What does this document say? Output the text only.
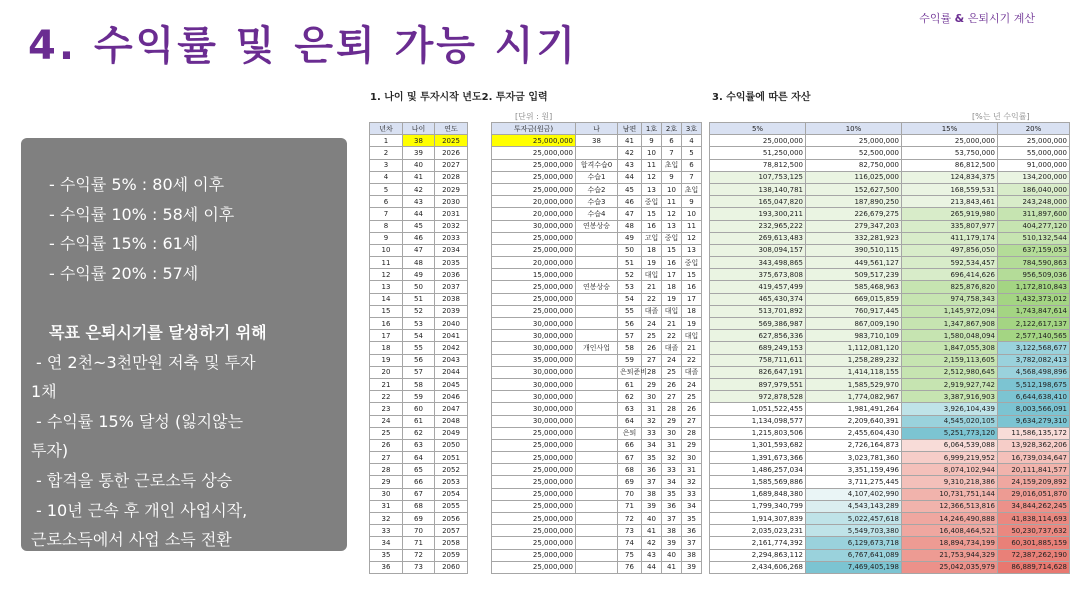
4. 수익률 및 은퇴 가능 시기
수익률 & 은퇴시기 계산
1. 나이 및 투자시작 년도2. 투자금 입력	3. 수익률에 따른 자산
[단위 : 원]	[%는 년 수익률]
- 수익률 5% : 80세 이후
- 수익률 10% : 58세 이후
- 수익률 15% : 61세
- 수익률 20% : 57세

목표 은퇴시기를 달성하기 위해
- 연 2천~3천만원 저축 및 투자
1채
- 수익률 15% 달성 (잃지않는
투자)
- 합격을 통한 근로소득 상승
- 10년 근속 후 개인 사업시작,
근로소득에서 사업 소득 전환
년차	나이	연도
1	38	2025
2	39	2026
3	40	2027
4	41	2028
5	42	2029
6	43	2030
7	44	2031
8	45	2032
9	46	2033
10	47	2034
11	48	2035
12	49	2036
13	50	2037
14	51	2038
15	52	2039
16	53	2040
17	54	2041
18	55	2042
19	56	2043
20	57	2044
21	58	2045
22	59	2046
23	60	2047
24	61	2048
25	62	2049
26	63	2050
27	64	2051
28	65	2052
29	66	2053
30	67	2054
31	68	2055
32	69	2056
33	70	2057
34	71	2058
35	72	2059
36	73	2060
투자금(원금)	나	남편	1호	2호	3호
25,000,000	38	41	9	6	4
25,000,000		42	10	7	5
25,000,000	합격수습0	43	11	초입	6
25,000,000	수습1	44	12	9	7
25,000,000	수습2	45	13	10	초입
20,000,000	수습3	46	중입	11	9
20,000,000	수습4	47	15	12	10
30,000,000	연봉상승	48	16	13	11
25,000,000		49	고입	중입	12
25,000,000		50	18	15	13
20,000,000		51	19	16	중입
15,000,000		52	대입	17	15
25,000,000	연봉상승	53	21	18	16
25,000,000		54	22	19	17
25,000,000		55	대졸	대입	18
30,000,000		56	24	21	19
30,000,000		57	25	22	대입
30,000,000	개인사업	58	26	대졸	21
35,000,000		59	27	24	22
30,000,000		은퇴준비	28	25	대졸
30,000,000		61	29	26	24
30,000,000		62	30	27	25
30,000,000		63	31	28	26
30,000,000		64	32	29	27
25,000,000		은퇴	33	30	28
25,000,000		66	34	31	29
25,000,000		67	35	32	30
25,000,000		68	36	33	31
25,000,000		69	37	34	32
25,000,000		70	38	35	33
25,000,000		71	39	36	34
25,000,000		72	40	37	35
25,000,000		73	41	38	36
25,000,000		74	42	39	37
25,000,000		75	43	40	38
25,000,000		76	44	41	39
5%	10%	15%	20%
25,000,000	25,000,000	25,000,000	25,000,000
51,250,000	52,500,000	53,750,000	55,000,000
78,812,500	82,750,000	86,812,500	91,000,000
107,753,125	116,025,000	124,834,375	134,200,000
138,140,781	152,627,500	168,559,531	186,040,000
165,047,820	187,890,250	213,843,461	243,248,000
193,300,211	226,679,275	265,919,980	311,897,600
232,965,222	279,347,203	335,807,977	404,277,120
269,613,483	332,281,923	411,179,174	510,132,544
308,094,157	390,510,115	497,856,050	637,159,053
343,498,865	449,561,127	592,534,457	784,590,863
375,673,808	509,517,239	696,414,626	956,509,036
419,457,499	585,468,963	825,876,820	1,172,810,843
465,430,374	669,015,859	974,758,343	1,432,373,012
513,701,892	760,917,445	1,145,972,094	1,743,847,614
569,386,987	867,009,190	1,347,867,908	2,122,617,137
627,856,336	983,710,109	1,580,048,094	2,577,140,565
689,249,153	1,112,081,120	1,847,055,308	3,122,568,677
758,711,611	1,258,289,232	2,159,113,605	3,782,082,413
826,647,191	1,414,118,155	2,512,980,645	4,568,498,896
897,979,551	1,585,529,970	2,919,927,742	5,512,198,675
972,878,528	1,774,082,967	3,387,916,903	6,644,638,410
1,051,522,455	1,981,491,264	3,926,104,439	8,003,566,091
1,134,098,577	2,209,640,391	4,545,020,105	9,634,279,310
1,215,803,506	2,455,604,430	5,251,773,120	11,586,135,172
1,301,593,682	2,726,164,873	6,064,539,088	13,928,362,206
1,391,673,366	3,023,781,360	6,999,219,952	16,739,034,647
1,486,257,034	3,351,159,496	8,074,102,944	20,111,841,577
1,585,569,886	3,711,275,445	9,310,218,386	24,159,209,892
1,689,848,380	4,107,402,990	10,731,751,144	29,016,051,870
1,799,340,799	4,543,143,289	12,366,513,816	34,844,262,245
1,914,307,839	5,022,457,618	14,246,490,888	41,838,114,693
2,035,023,231	5,549,703,380	16,408,464,521	50,230,737,632
2,161,774,392	6,129,673,718	18,894,734,199	60,301,885,159
2,294,863,112	6,767,641,089	21,753,944,329	72,387,262,190
2,434,606,268	7,469,405,198	25,042,035,979	86,889,714,628
